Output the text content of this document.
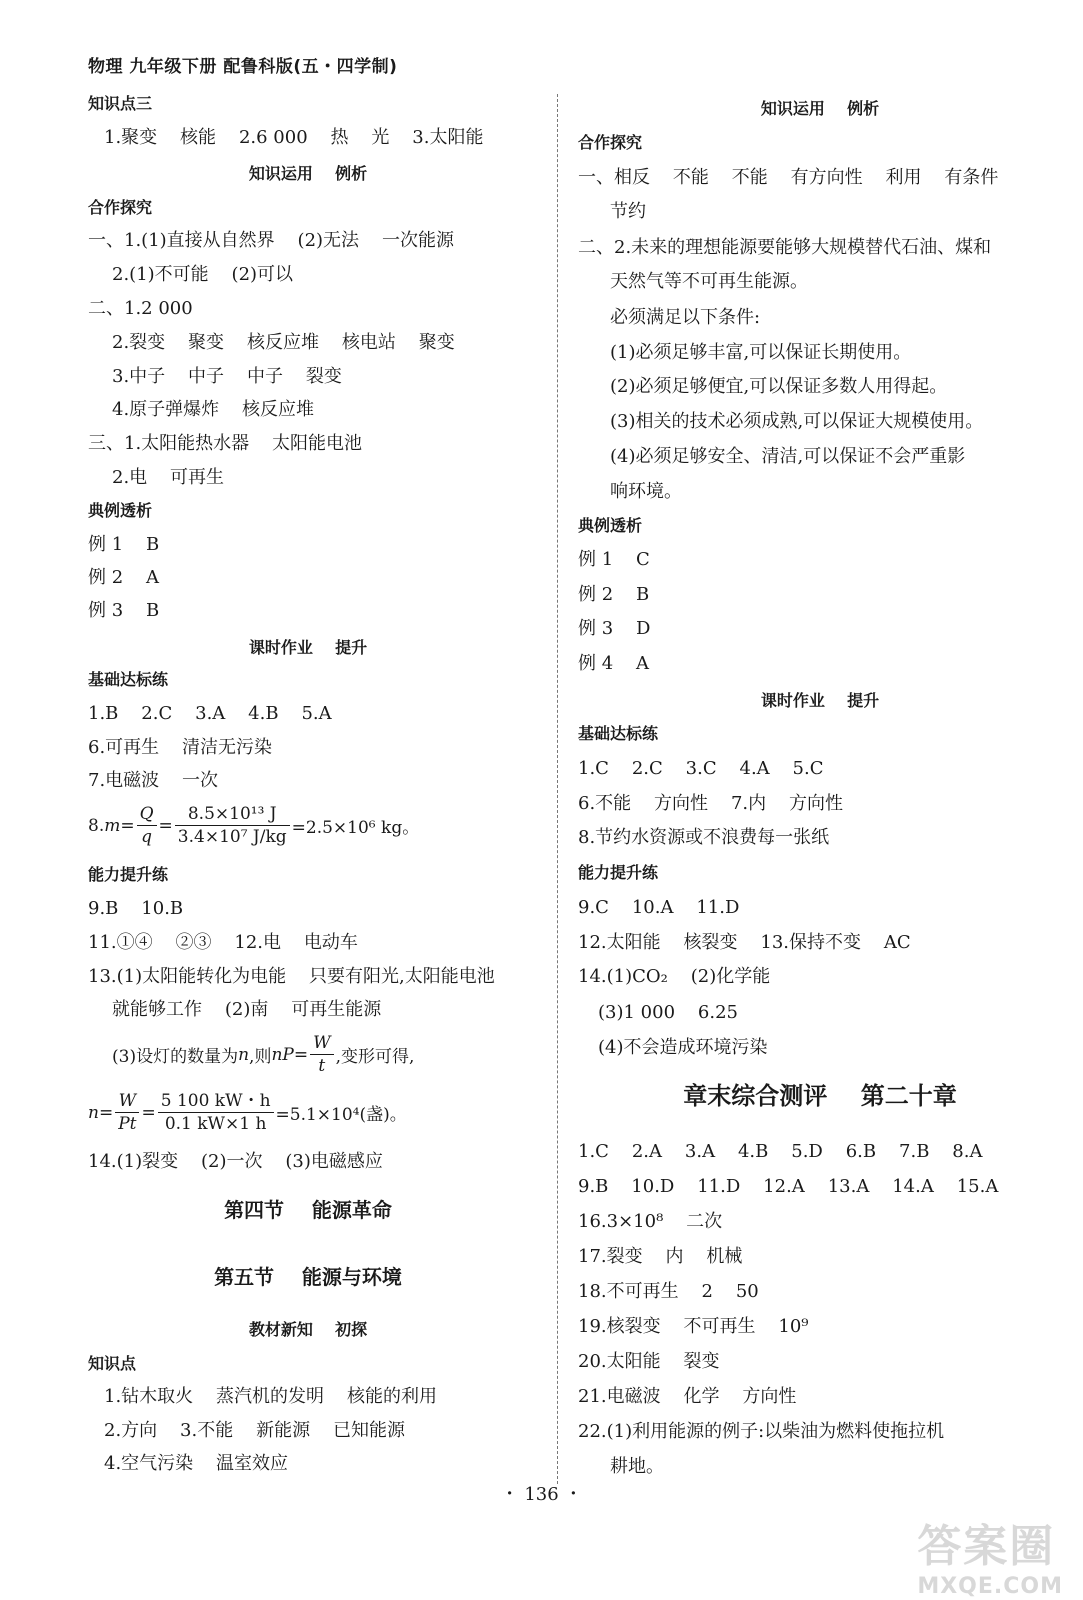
物理 九年级下册 配鲁科版(五・四学制)
知识点三
1.聚变    核能    2.6 000    热    光    3.太阳能
知识运用    例析
合作探究
一、1.(1)直接从自然界    (2)无法    一次能源
2.(1)不可能    (2)可以
二、1.2 000
2.裂变    聚变    核反应堆    核电站    聚变
3.中子    中子    中子    裂变
4.原子弹爆炸    核反应堆
三、1.太阳能热水器    太阳能电池
2.电    可再生
典例透析
例 1    B
例 2    A
例 3    B
课时作业    提升
基础达标练
1.B    2.C    3.A    4.B    5.A
6.可再生    清洁无污染
7.电磁波    一次
8. $m = \frac{Q}{q} = \frac{\text{8.5×10¹³ J}}{\text{3.4×10⁷ J/kg}} =2.5\times 10^6$ kg。
能力提升练
9.B    10.B
11.①④    ②③    12.电    电动车
13.(1)太阳能转化为电能    只要有阳光,太阳能电池
就能够工作    (2)南    可再生能源
(3)设灯的数量为 n ,则 nP = $\frac{W}{t}$ ,变形可得,
$n = \frac{W}{Pt} = \frac{5 100 kW・h}{0.1 kW\times 1 h} =5.1\times 10^4$(盏)。
14.(1)裂变    (2)一次    (3)电磁感应
第四节    能源革命
第五节    能源与环境
教材新知    初探
知识点
1.钻木取火    蒸汽机的发明    核能的利用
2.方向    3.不能    新能源    已知能源
4.空气污染    温室效应
知识运用    例析
合作探究
一、相反    不能    不能    有方向性    利用    有条件
节约
二、2.未来的理想能源要能够大规模替代石油、煤和
天然气等不可再生能源。
必须满足以下条件:
(1)必须足够丰富,可以保证长期使用。
(2)必须足够便宜,可以保证多数人用得起。
(3)相关的技术必须成熟,可以保证大规模使用。
(4)必须足够安全、清洁,可以保证不会严重影
响环境。
典例透析
例 1    C
例 2    B
例 3    D
例 4    A
课时作业    提升
基础达标练
1.C    2.C    3.C    4.A    5.C
6.不能    方向性    7.内    方向性
8.节约水资源或不浪费每一张纸
能力提升练
9.C    10.A    11.D
12.太阳能    核裂变    13.保持不变    AC
14.(1)CO₂    (2)化学能
(3)1 000    6.25
(4)不会造成环境污染
章末综合测评    第二十章
1.C    2.A    3.A    4.B    5.D    6.B    7.B    8.A
9.B    10.D    11.D    12.A    13.A    14.A    15.A
16.3×10⁸    二次
17.裂变    内    机械
18.不可再生    2    50
19.核裂变    不可再生    10⁹
20.太阳能    裂变
21.电磁波    化学    方向性
22.(1)利用能源的例子:以柴油为燃料使拖拉机
耕地。
・ 136 ・
答案圈
MXQE.COM
